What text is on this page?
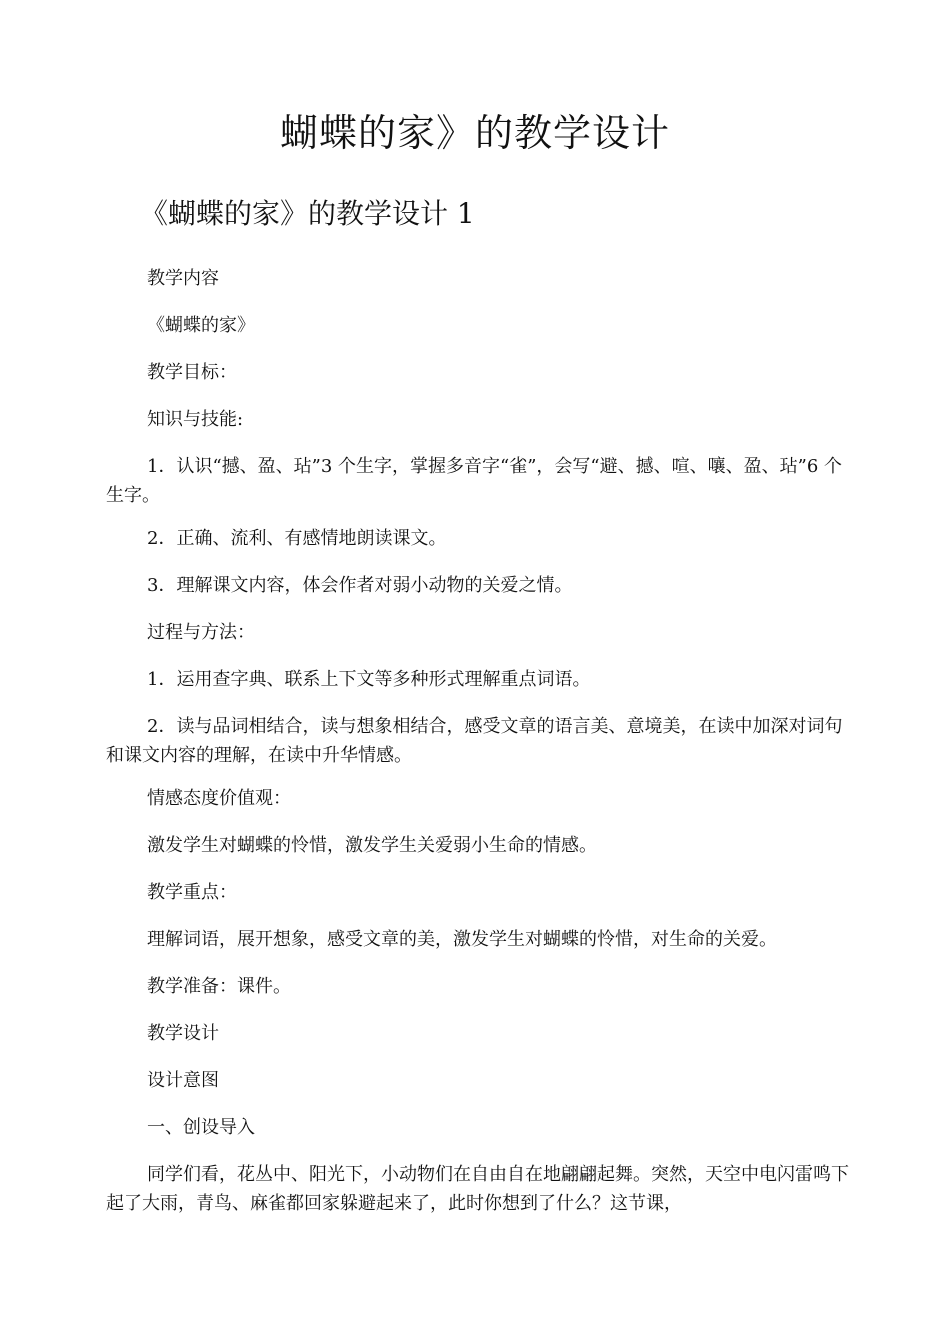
蝴蝶的家》的教学设计
《蝴蝶的家》的教学设计 1

教学内容

《蝴蝶的家》

教学目标：

知识与技能:

1．认识“撼、盈、玷”3 个生字，掌握多音字“雀”，会写“避、撼、喧、嚷、盈、玷”6 个生字。

2．正确、流利、有感情地朗读课文。

3．理解课文内容，体会作者对弱小动物的关爱之情。

过程与方法：

1．运用查字典、联系上下文等多种形式理解重点词语。

2．读与品词相结合，读与想象相结合，感受文章的语言美、意境美，在读中加深对词句和课文内容的理解，在读中升华情感。

情感态度价值观：

激发学生对蝴蝶的怜惜，激发学生关爱弱小生命的情感。

教学重点：

理解词语，展开想象，感受文章的美，激发学生对蝴蝶的怜惜，对生命的关爱。

教学准备：课件。

教学设计

设计意图

一、创设导入

同学们看，花丛中、阳光下，小动物们在自由自在地翩翩起舞。突然，天空中电闪雷鸣下起了大雨，青鸟、麻雀都回家躲避起来了，此时你想到了什么？这节课，
